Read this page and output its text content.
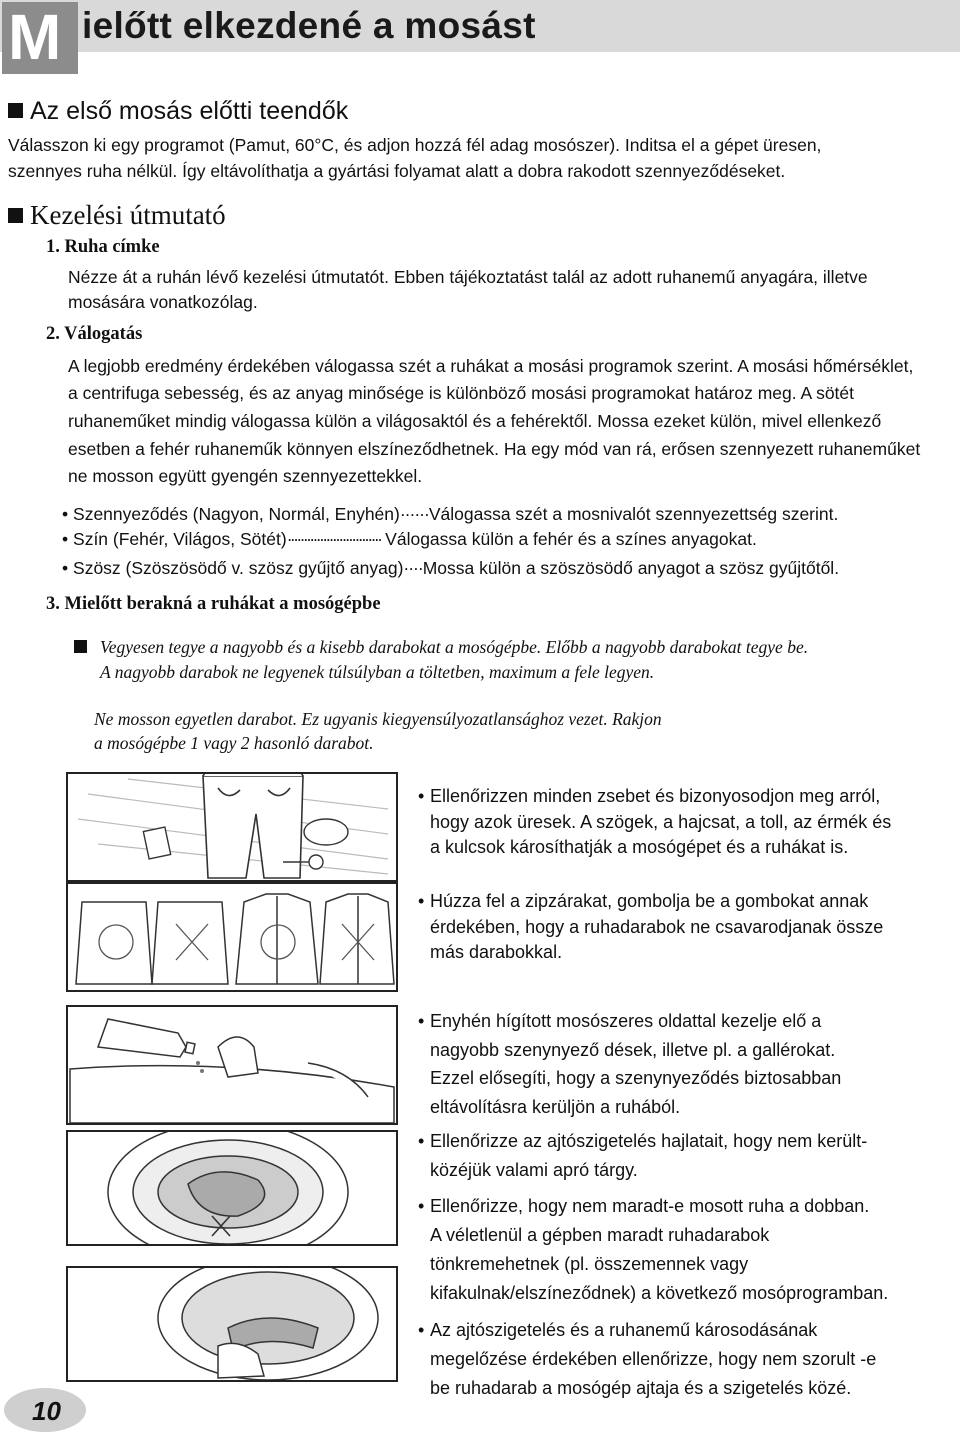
M ielőtt elkezdené a mosást
Az első mosás előtti teendők
Válasszon ki egy programot (Pamut, 60°C, és adjon hozzá fél adag mosószer). Inditsa el a gépet üresen,
szennyes ruha nélkül. Így eltávolíthatja a gyártási folyamat alatt a dobra rakodott szennyeződéseket.
Kezelési útmutató
1. Ruha címke
Nézze át a ruhán lévő kezelési útmutatót. Ebben tájékoztatást talál az adott ruhanemű anyagára, illetve
mosására vonatkozólag.
2. Válogatás
A legjobb eredmény érdekében válogassa szét a ruhákat a mosási programok szerint. A mosási hőmérséklet,
a centrifuga sebesség, és az anyag minősége is különböző mosási programokat határoz meg. A sötét
ruhaneműket mindig válogassa külön a világosaktól és a fehérektől. Mossa ezeket külön, mivel ellenkező
esetben a fehér ruhaneműk könnyen elszíneződhetnek. Ha egy mód van rá, erősen szennyezett ruhaneműket
ne mosson együtt gyengén szennyezettekkel.
• Szennyeződés (Nagyon, Normál, Enyhén)······Válogassa szét a mosnivalót szennyezettség szerint.
• Szín (Fehér, Világos, Sötét)····························· Válogassa külön a fehér és a színes anyagokat.
• Szösz (Szöszösödő v. szösz gyűjtő anyag)····Mossa külön a szöszösödő anyagot a szösz gyűjtőtől.
3. Mielőtt berakná a ruhákat a mosógépbe
Vegyesen tegye a nagyobb és a kisebb darabokat a mosógépbe. Előbb a nagyobb darabokat tegye be.
A nagyobb darabok ne legyenek túlsúlyban a töltetben, maximum a fele legyen.
Ne mosson egyetlen darabot. Ez ugyanis kiegyensúlyozatlansághoz vezet. Rakjon
a mosógépbe 1 vagy 2 hasonló darabot.
• Ellenőrizzen minden zsebet és bizonyosodjon meg arról,
hogy azok üresek. A szögek, a hajcsat, a toll, az érmék és
a kulcsok károsíthatják a mosógépet és a ruhákat is.
• Húzza fel a zipzárakat, gombolja be a gombokat annak
érdekében, hogy a ruhadarabok ne csavarodjanak össze
más darabokkal.
• Enyhén hígított mosószeres oldattal kezelje elő a
nagyobb szenynyező dések, illetve pl. a gallérokat.
Ezzel elősegíti, hogy a szenynyeződés biztosabban
eltávolításra kerüljön a ruhából.
• Ellenőrizze az ajtószigetelés hajlatait, hogy nem került-
közéjük valami apró tárgy.
• Ellenőrizze, hogy nem maradt-e mosott ruha a dobban.
A véletlenül a gépben maradt ruhadarabok
tönkremehetnek (pl. összemennek vagy
kifakulnak/elszíneződnek) a következő mosóprogramban.
• Az ajtószigetelés és a ruhanemű károsodásának
megelőzése érdekében ellenőrizze, hogy nem szorult -e
be ruhadarab a mosógép ajtaja és a szigetelés közé.
10
